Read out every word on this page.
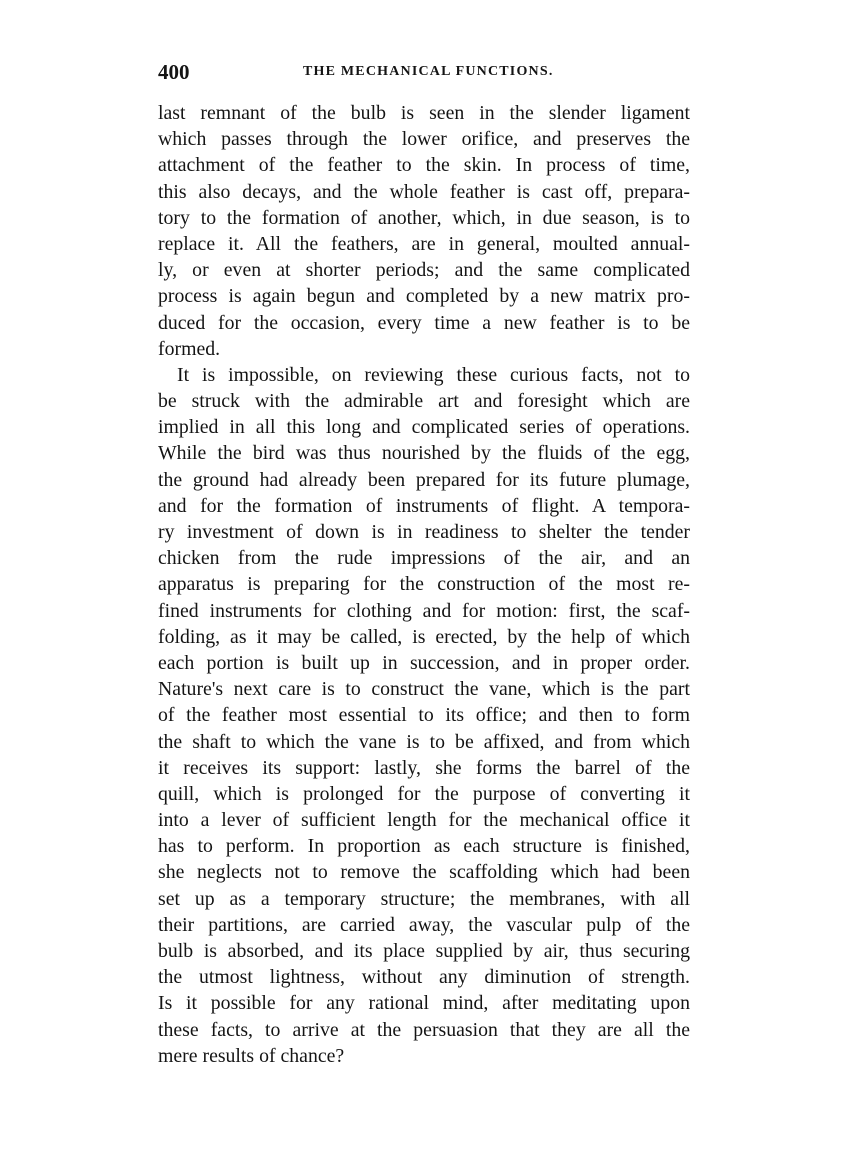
400	THE MECHANICAL FUNCTIONS.
last remnant of the bulb is seen in the slender ligament
which passes through the lower orifice, and preserves the
attachment of the feather to the skin. In process of time,
this also decays, and the whole feather is cast off, prepara-
tory to the formation of another, which, in due season, is to
replace it. All the feathers, are in general, moulted annual-
ly, or even at shorter periods; and the same complicated
process is again begun and completed by a new matrix pro-
duced for the occasion, every time a new feather is to be
formed.
It is impossible, on reviewing these curious facts, not to
be struck with the admirable art and foresight which are
implied in all this long and complicated series of operations.
While the bird was thus nourished by the fluids of the egg,
the ground had already been prepared for its future plumage,
and for the formation of instruments of flight. A tempora-
ry investment of down is in readiness to shelter the tender
chicken from the rude impressions of the air, and an
apparatus is preparing for the construction of the most re-
fined instruments for clothing and for motion: first, the scaf-
folding, as it may be called, is erected, by the help of which
each portion is built up in succession, and in proper order.
Nature's next care is to construct the vane, which is the part
of the feather most essential to its office; and then to form
the shaft to which the vane is to be affixed, and from which
it receives its support: lastly, she forms the barrel of the
quill, which is prolonged for the purpose of converting it
into a lever of sufficient length for the mechanical office it
has to perform. In proportion as each structure is finished,
she neglects not to remove the scaffolding which had been
set up as a temporary structure; the membranes, with all
their partitions, are carried away, the vascular pulp of the
bulb is absorbed, and its place supplied by air, thus securing
the utmost lightness, without any diminution of strength.
Is it possible for any rational mind, after meditating upon
these facts, to arrive at the persuasion that they are all the
mere results of chance?
